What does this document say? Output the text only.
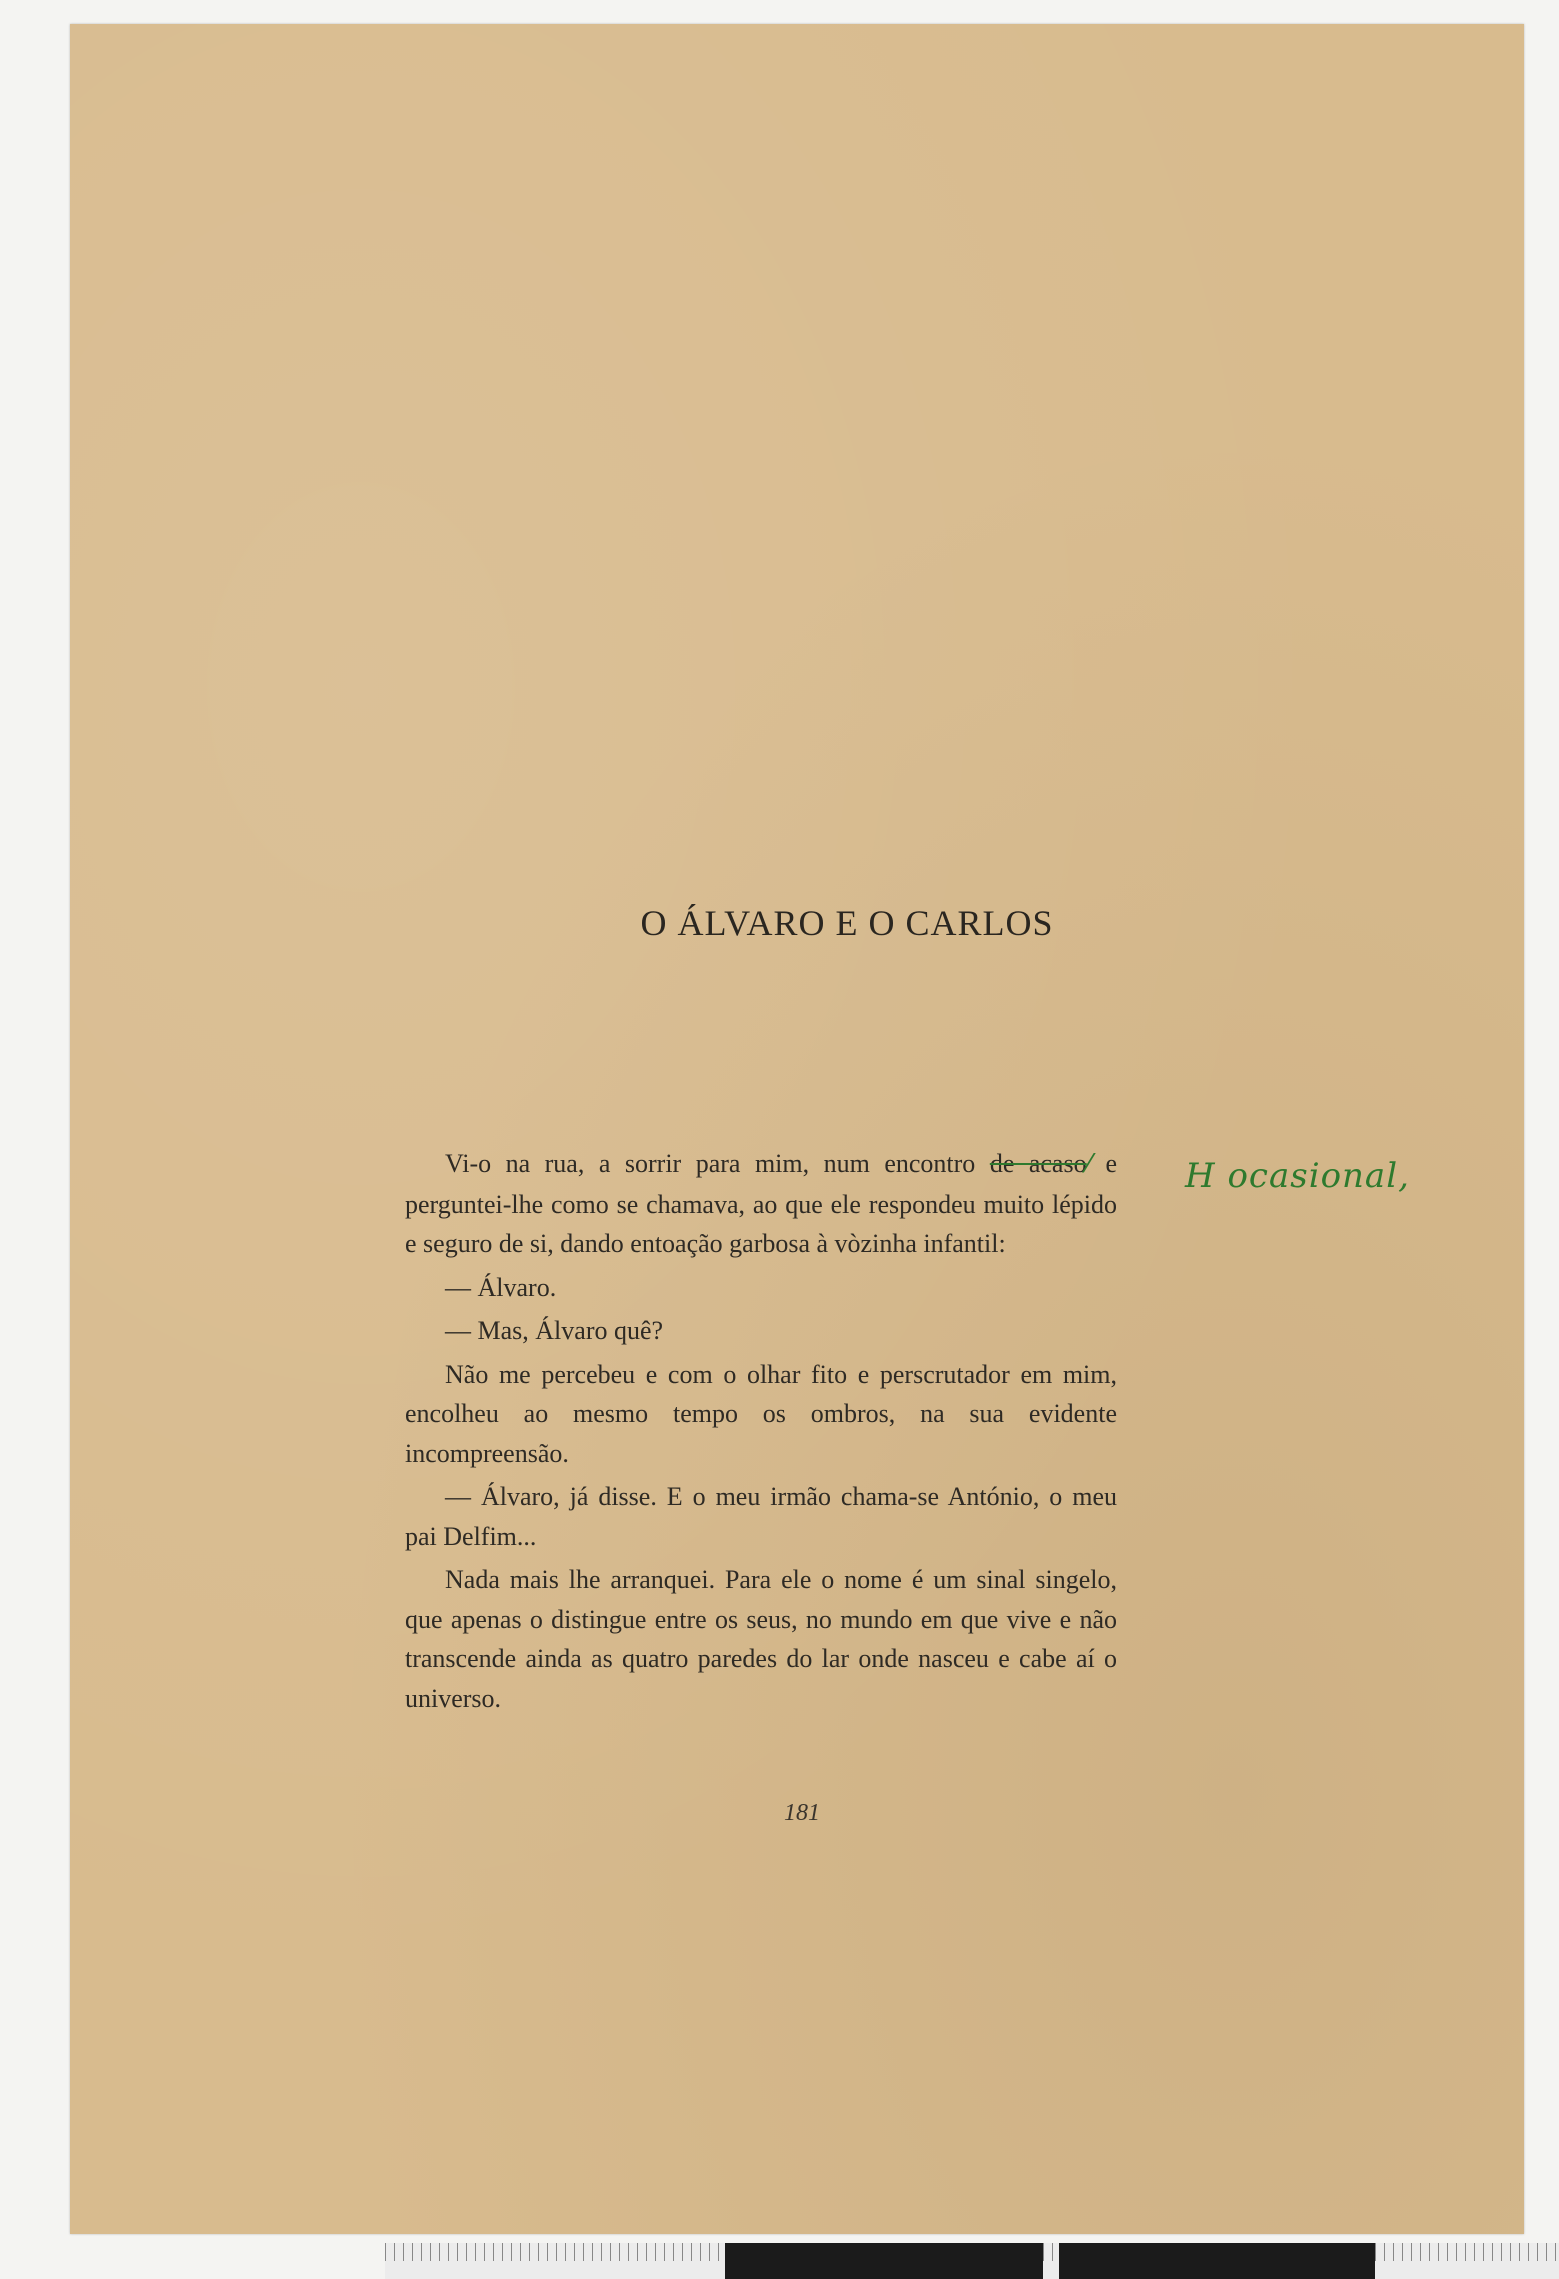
O ÁLVARO E O CARLOS

Vi-o na rua, a sorrir para mim, num encontro de acaso⁄ e perguntei-lhe como se chamava, ao que ele respondeu muito lépido e seguro de si, dando entoação garbosa à vòzinha infantil:

— Álvaro.

— Mas, Álvaro quê?

Não me percebeu e com o olhar fito e perscrutador em mim, encolheu ao mesmo tempo os ombros, na sua evidente incompreensão.

— Álvaro, já disse. E o meu irmão chama-se António, o meu pai Delfim...

Nada mais lhe arranquei. Para ele o nome é um sinal singelo, que apenas o distingue entre os seus, no mundo em que vive e não transcende ainda as quatro paredes do lar onde nasceu e cabe aí o universo.

H ocasional,
181
